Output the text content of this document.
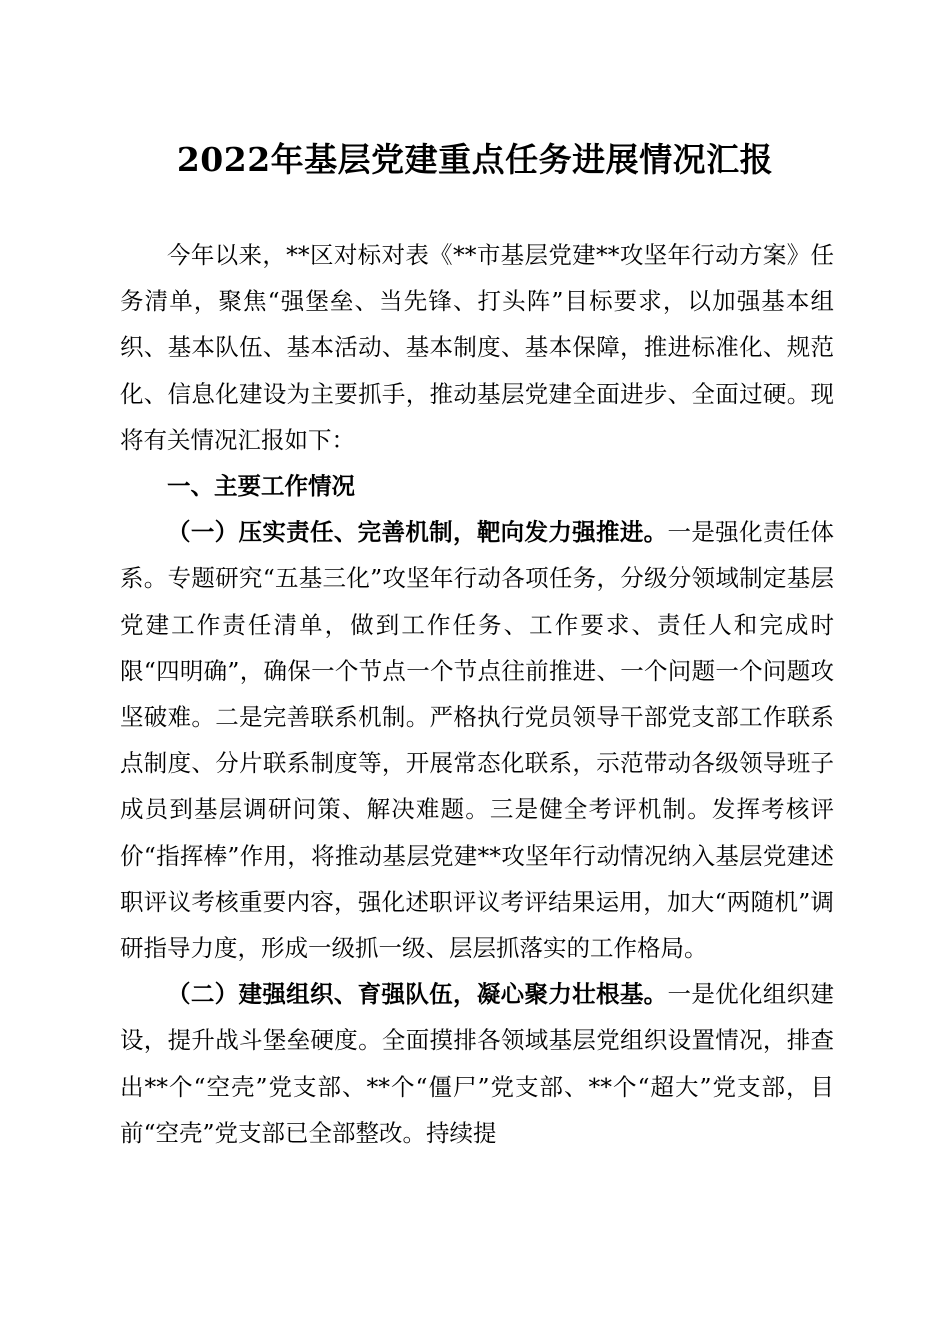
2022年基层党建重点任务进展情况汇报

今年以来，**区对标对表《**市基层党建**攻坚年行动方案》任务清单，聚焦“强堡垒、当先锋、打头阵”目标要求，以加强基本组织、基本队伍、基本活动、基本制度、基本保障，推进标准化、规范化、信息化建设为主要抓手，推动基层党建全面进步、全面过硬。现将有关情况汇报如下：

一、主要工作情况

（一）压实责任、完善机制，靶向发力强推进。一是强化责任体系。专题研究“五基三化”攻坚年行动各项任务，分级分领域制定基层党建工作责任清单，做到工作任务、工作要求、责任人和完成时限“四明确”，确保一个节点一个节点往前推进、一个问题一个问题攻坚破难。二是完善联系机制。严格执行党员领导干部党支部工作联系点制度、分片联系制度等，开展常态化联系，示范带动各级领导班子成员到基层调研问策、解决难题。三是健全考评机制。发挥考核评价“指挥棒”作用，将推动基层党建**攻坚年行动情况纳入基层党建述职评议考核重要内容，强化述职评议考评结果运用，加大“两随机”调研指导力度，形成一级抓一级、层层抓落实的工作格局。

（二）建强组织、育强队伍，凝心聚力壮根基。一是优化组织建设，提升战斗堡垒硬度。全面摸排各领域基层党组织设置情况，排查出**个“空壳”党支部、**个“僵尸”党支部、**个“超大”党支部，目前“空壳”党支部已全部整改。持续提
